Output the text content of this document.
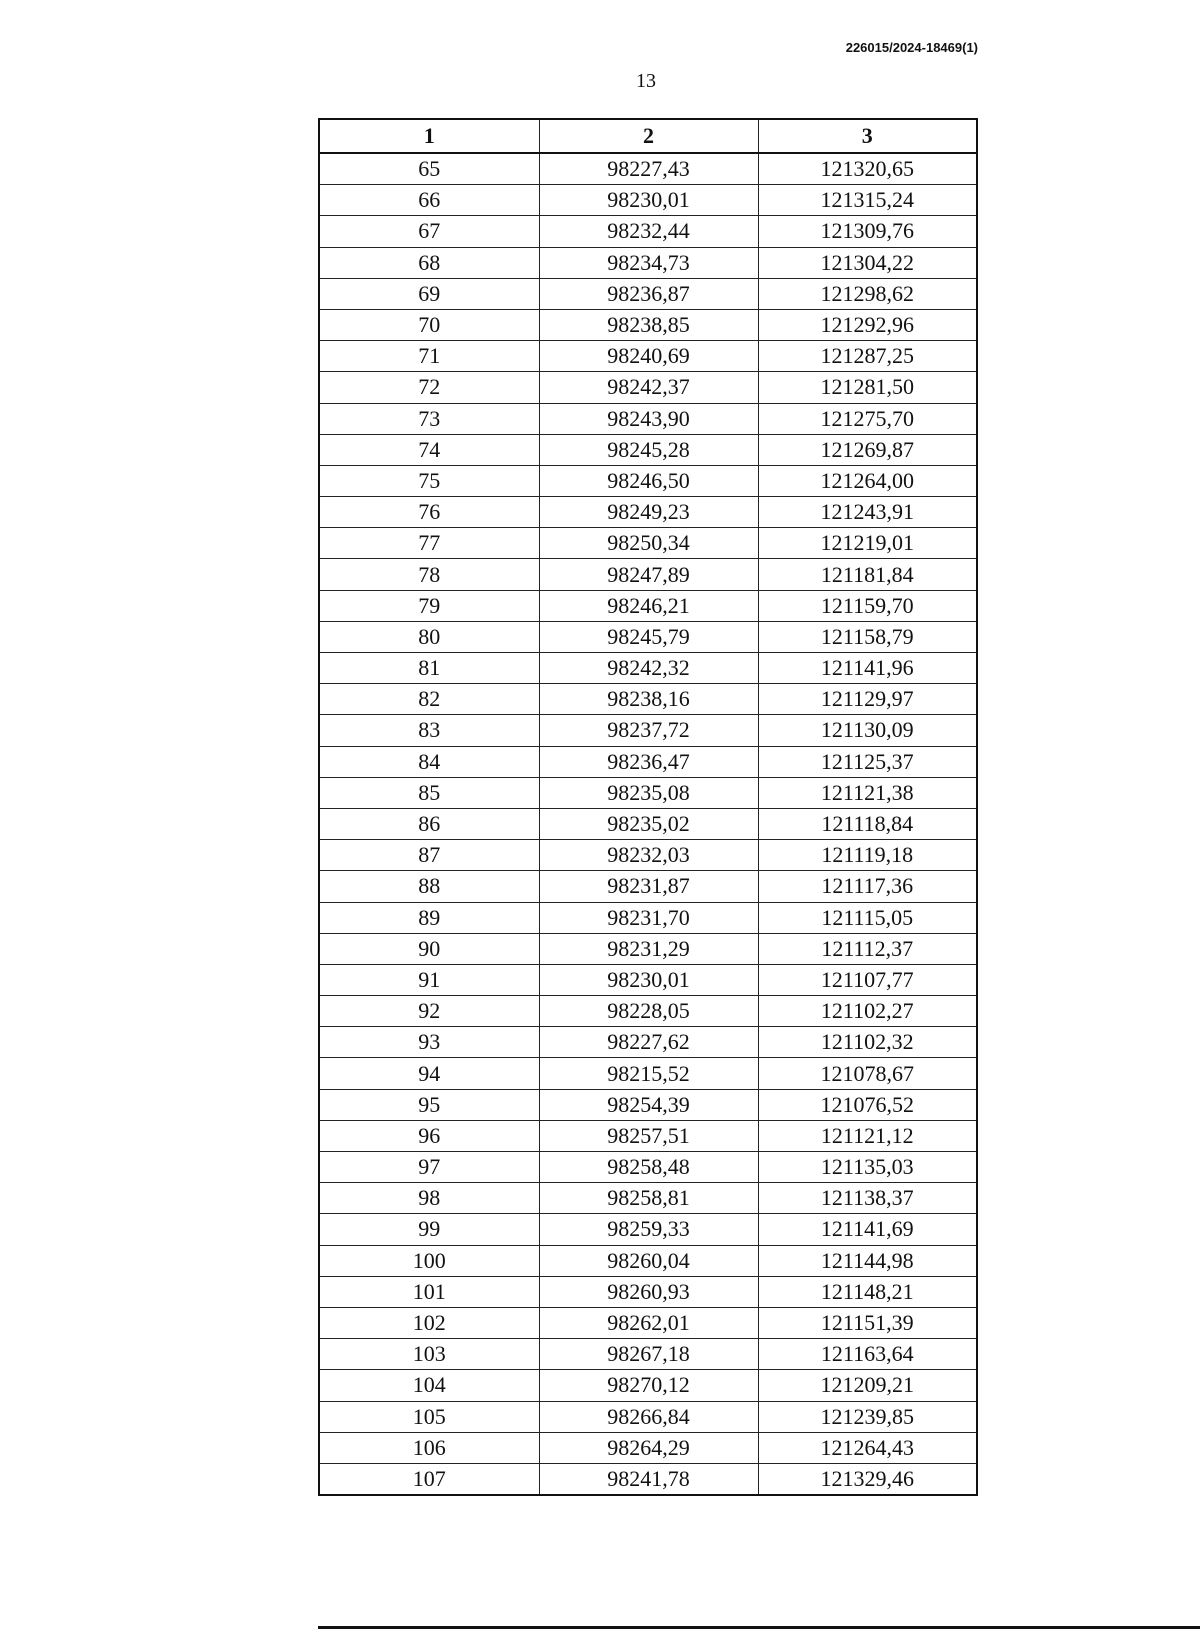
226015/2024-18469(1)
13
1	2	3
65	98227,43	121320,65
66	98230,01	121315,24
67	98232,44	121309,76
68	98234,73	121304,22
69	98236,87	121298,62
70	98238,85	121292,96
71	98240,69	121287,25
72	98242,37	121281,50
73	98243,90	121275,70
74	98245,28	121269,87
75	98246,50	121264,00
76	98249,23	121243,91
77	98250,34	121219,01
78	98247,89	121181,84
79	98246,21	121159,70
80	98245,79	121158,79
81	98242,32	121141,96
82	98238,16	121129,97
83	98237,72	121130,09
84	98236,47	121125,37
85	98235,08	121121,38
86	98235,02	121118,84
87	98232,03	121119,18
88	98231,87	121117,36
89	98231,70	121115,05
90	98231,29	121112,37
91	98230,01	121107,77
92	98228,05	121102,27
93	98227,62	121102,32
94	98215,52	121078,67
95	98254,39	121076,52
96	98257,51	121121,12
97	98258,48	121135,03
98	98258,81	121138,37
99	98259,33	121141,69
100	98260,04	121144,98
101	98260,93	121148,21
102	98262,01	121151,39
103	98267,18	121163,64
104	98270,12	121209,21
105	98266,84	121239,85
106	98264,29	121264,43
107	98241,78	121329,46
